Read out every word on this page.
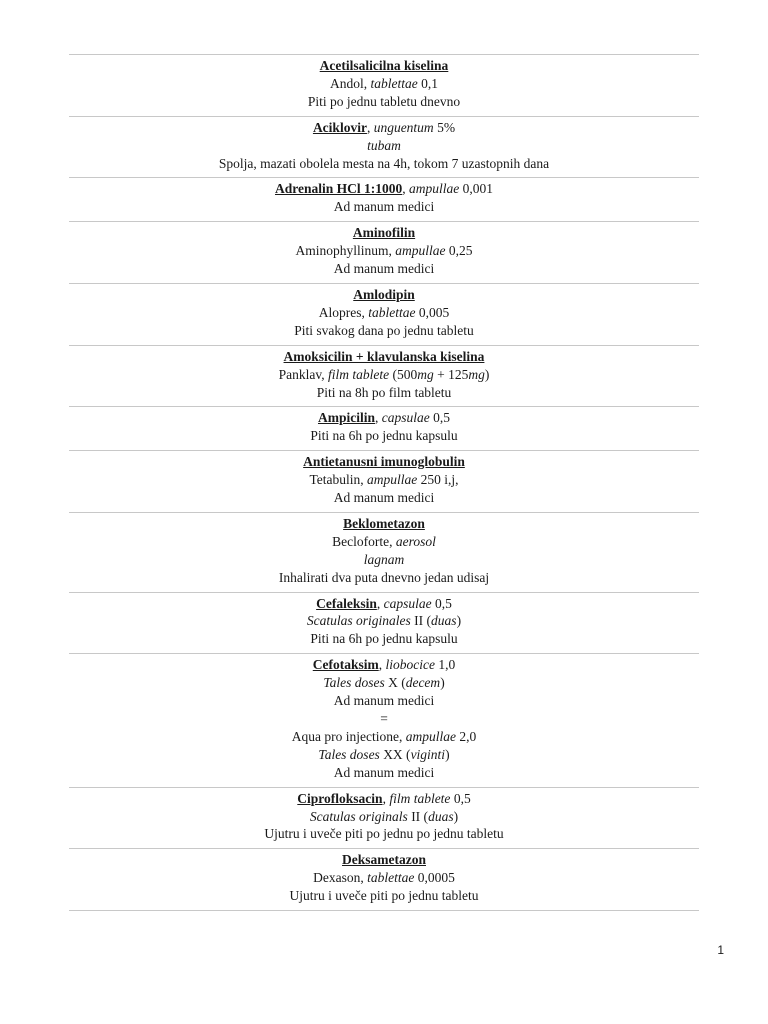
Acetilsalicilna kiselina
Andol, tablettae 0,1
Piti po jednu tabletu dnevno
Aciklovir, unguentum 5%
tubam
Spolja, mazati obolela mesta na 4h, tokom 7 uzastopnih dana
Adrenalin HCl 1:1000, ampullae 0,001
Ad manum medici
Aminofilin
Aminophyllinum, ampullae 0,25
Ad manum medici
Amlodipin
Alopres, tablettae 0,005
Piti svakog dana po jednu tabletu
Amoksicilin + klavulanska kiselina
Panklav, film tablete (500mg + 125mg)
Piti na 8h po film tabletu
Ampicilin, capsulae 0,5
Piti na 6h po jednu kapsulu
Antietanusni imunoglobulin
Tetabulin, ampullae 250 i,j,
Ad manum medici
Beklometazon
Becloforte, aerosol
lagnam
Inhalirati dva puta dnevno jedan udisaj
Cefaleksin, capsulae 0,5
Scatulas originales II (duas)
Piti na 6h po jednu kapsulu
Cefotaksim, liobocice 1,0
Tales doses X (decem)
Ad manum medici
=
Aqua pro injectione, ampullae 2,0
Tales doses XX (viginti)
Ad manum medici
Ciprofloksacin, film tablete 0,5
Scatulas originals II (duas)
Ujutru i uveče piti po jednu po jednu tabletu
Deksametazon
Dexason, tablettae 0,0005
Ujutru i uveče piti po jednu tabletu
1
